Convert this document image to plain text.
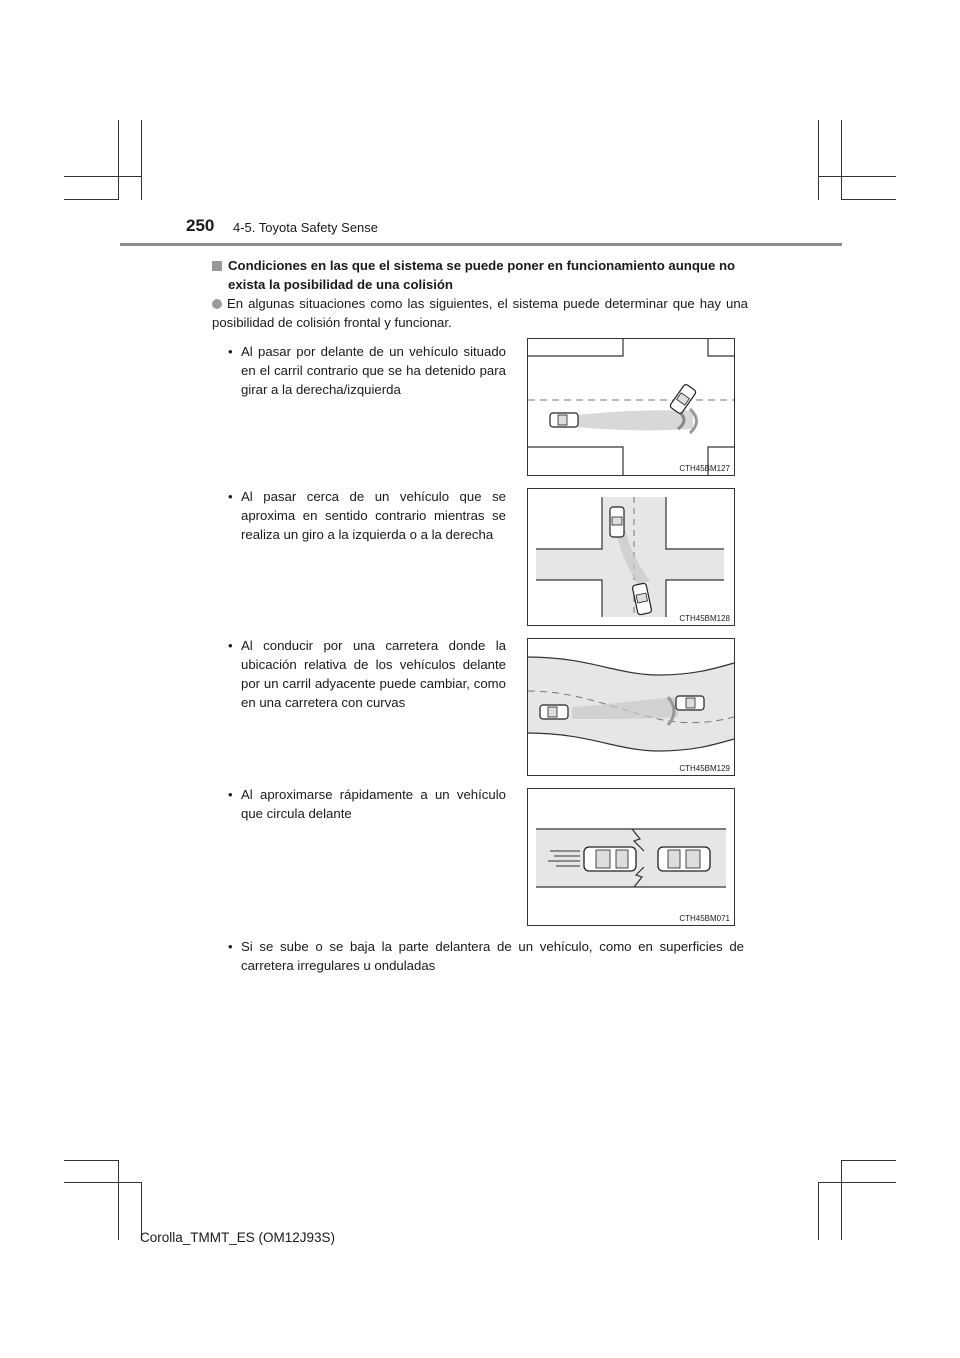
250 4-5. Toyota Safety Sense
Condiciones en las que el sistema se puede poner en funcionamiento aunque no
exista la posibilidad de una colisión
En algunas situaciones como las siguientes, el sistema puede determinar que hay una posibilidad de colisión frontal y funcionar.
• Al pasar por delante de un vehículo situado en el carril contrario que se ha detenido para girar a la derecha/izquierda
CTH45BM127
• Al pasar cerca de un vehículo que se aproxima en sentido contrario mientras se realiza un giro a la izquierda o a la derecha
CTH45BM128
• Al conducir por una carretera donde la ubicación relativa de los vehículos delante por un carril adyacente puede cambiar, como en una carretera con curvas
CTH45BM129
• Al aproximarse rápidamente a un vehículo que circula delante
CTH45BM071
• Si se sube o se baja la parte delantera de un vehículo, como en superficies de carretera irregulares u onduladas
Corolla_TMMT_ES (OM12J93S)
